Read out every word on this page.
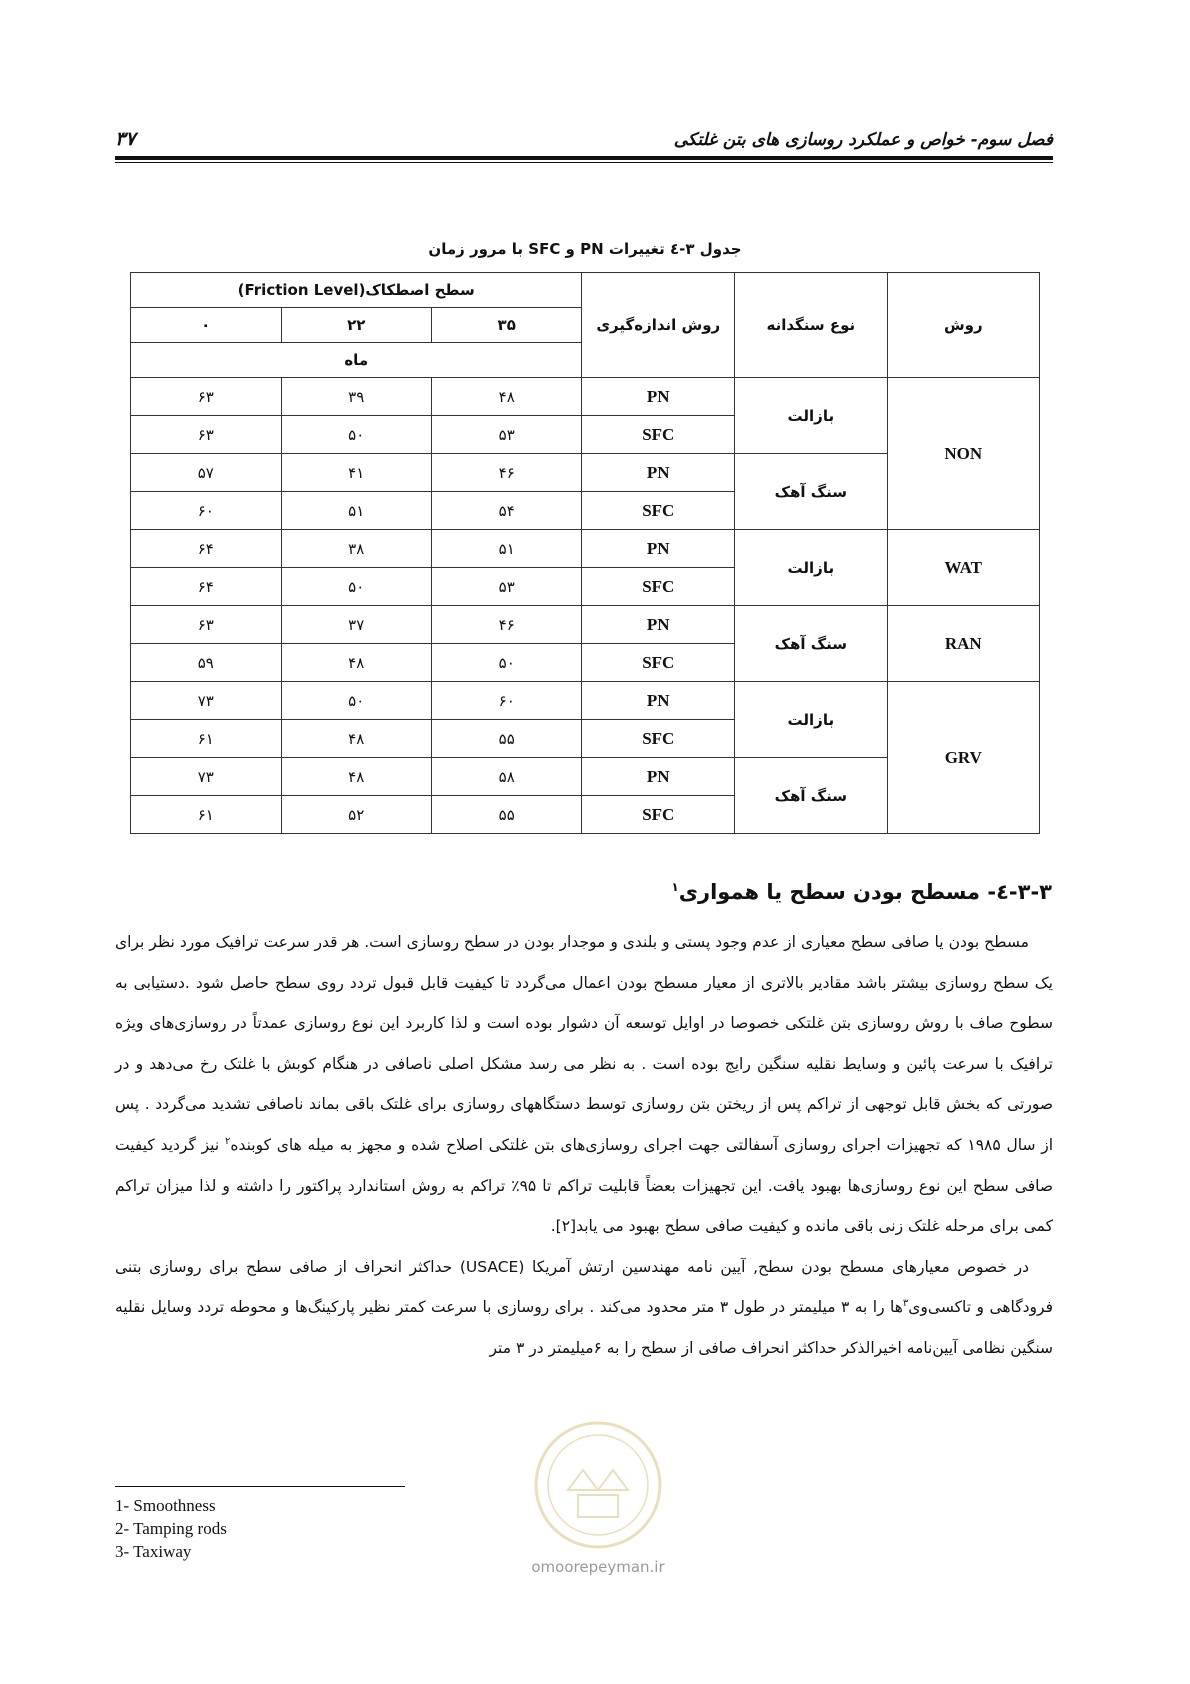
فصل سوم- خواص و عملکرد روسازی های بتن غلتکی
۳۷
جدول ۳-٤ تغییرات PN و SFC با مرور زمان
روش	نوع سنگدانه	روش اندازه‌گیری	سطح اصطکاک(Friction Level)		
			۳۵	۲۲	۰
			ماه		
NON	بازالت	PN	۴۸	۳۹	۶۳
		SFC	۵۳	۵۰	۶۳
	سنگ آهک	PN	۴۶	۴۱	۵۷
		SFC	۵۴	۵۱	۶۰
WAT	بازالت	PN	۵۱	۳۸	۶۴
		SFC	۵۳	۵۰	۶۴
RAN	سنگ آهک	PN	۴۶	۳۷	۶۳
		SFC	۵۰	۴۸	۵۹
GRV	بازالت	PN	۶۰	۵۰	۷۳
		SFC	۵۵	۴۸	۶۱
	سنگ آهک	PN	۵۸	۴۸	۷۳
		SFC	۵۵	۵۲	۶۱
۳-۳-٤- مسطح بودن سطح یا همواری$^۱$

مسطح بودن یا صافی سطح معیاری از عدم وجود پستی و بلندی و موجدار بودن در سطح روسازی است. هر قدر سرعت ترافیک مورد نظر برای یک سطح روسازی بیشتر باشد مقادیر بالاتری از معیار مسطح بودن اعمال می‌گردد تا کیفیت قابل قبول تردد روی سطح حاصل شود .دستیابی به سطوح صاف با روش روسازی بتن غلتکی خصوصا در اوایل توسعه آن دشوار بوده است و لذا کاربرد این نوع روسازی عمدتاً در روسازی‌های ویژه ترافیک با سرعت پائین و وسایط نقلیه سنگین رایج بوده است . به نظر می رسد مشکل اصلی ناصافی در هنگام کوبش با غلتک رخ می‌دهد و در صورتی که بخش قابل توجهی از تراکم پس از ریختن بتن روسازی توسط دستگاههای روسازی برای غلتک باقی بماند ناصافی تشدید می‌گردد . پس از سال ۱۹۸۵ که تجهیزات اجرای روسازی آسفالتی جهت اجرای روسازی‌های بتن غلتکی اصلاح شده و مجهز به میله های کوبنده$^۲$ نیز گردید کیفیت صافی سطح این نوع روسازی‌ها بهبود یافت. این تجهیزات بعضاً قابلیت تراکم تا ۹۵٪ تراکم به روش استاندارد پراکتور را داشته و لذا میزان تراکم کمی برای مرحله غلتک زنی باقی مانده و کیفیت صافی سطح بهبود می یابد[۲].

در خصوص معیارهای مسطح بودن سطح, آیین نامه مهندسین ارتش آمریکا (USACE) حداکثر انحراف از صافی سطح برای روسازی بتنی فرودگاهی و تاکسی‌وی$^۳$ها را به ۳ میلیمتر در طول ۳ متر محدود می‌کند . برای روسازی با سرعت کمتر نظیر پارکینگ‌ها و محوطه تردد وسایل نقلیه سنگین نظامی آیین‌نامه اخیرالذکر حداکثر انحراف صافی از سطح را به ۶میلیمتر در ۳ متر

1- Smoothness
2- Tamping rods
3- Taxiway
omoorepeyman.ir
